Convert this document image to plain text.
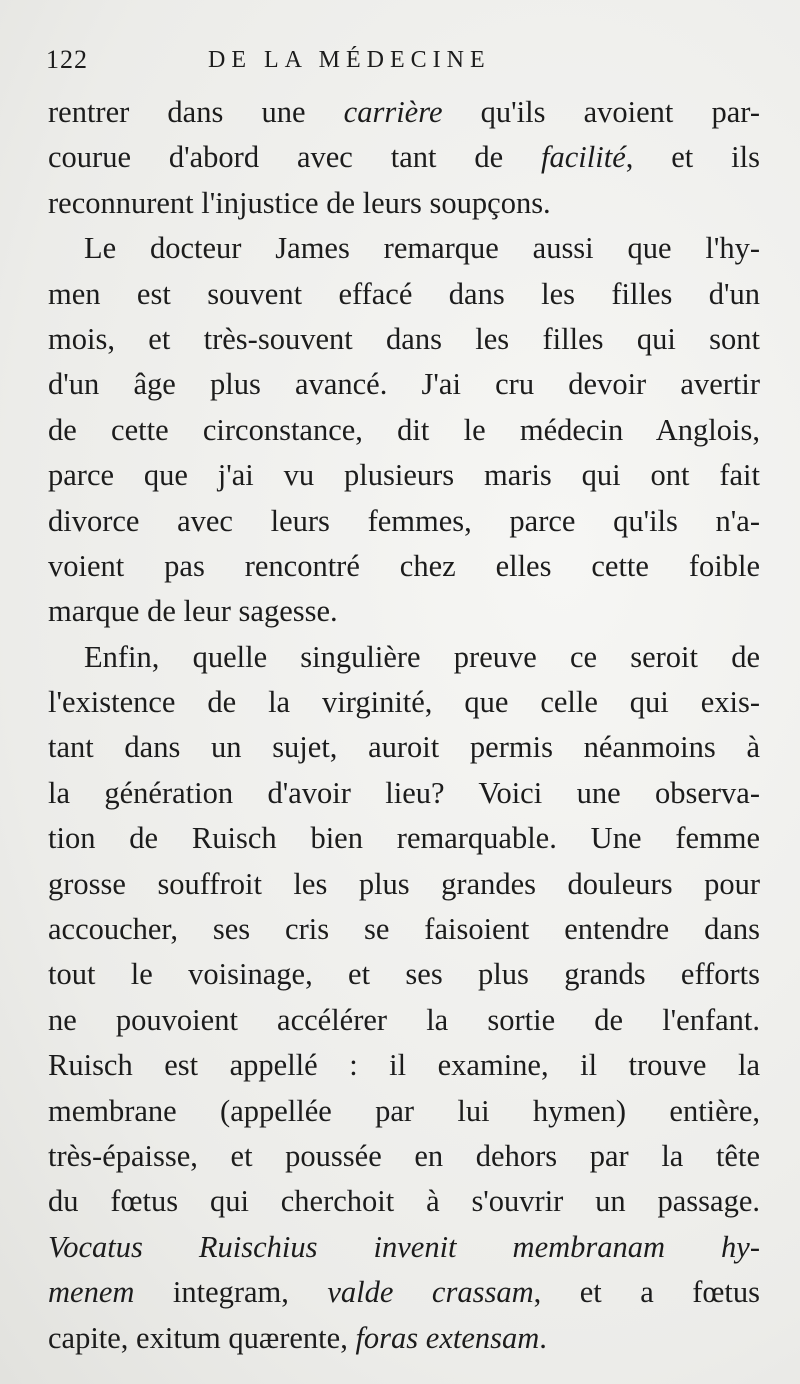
122	DE LA MÉDECINE
rentrer dans une carrière qu'ils avoient par-
courue d'abord avec tant de facilité, et ils
reconnurent l'injustice de leurs soupçons.
Le docteur James remarque aussi que l'hy-
men est souvent effacé dans les filles d'un
mois, et très-souvent dans les filles qui sont
d'un âge plus avancé. J'ai cru devoir avertir
de cette circonstance, dit le médecin Anglois,
parce que j'ai vu plusieurs maris qui ont fait
divorce avec leurs femmes, parce qu'ils n'a-
voient pas rencontré chez elles cette foible
marque de leur sagesse.
Enfin, quelle singulière preuve ce seroit de
l'existence de la virginité, que celle qui exis-
tant dans un sujet, auroit permis néanmoins à
la génération d'avoir lieu? Voici une observa-
tion de Ruisch bien remarquable. Une femme
grosse souffroit les plus grandes douleurs pour
accoucher, ses cris se faisoient entendre dans
tout le voisinage, et ses plus grands efforts
ne pouvoient accélérer la sortie de l'enfant.
Ruisch est appellé : il examine, il trouve la
membrane (appellée par lui hymen) entière,
très-épaisse, et poussée en dehors par la tête
du fœtus qui cherchoit à s'ouvrir un passage.
Vocatus Ruischius invenit membranam hy-
menem integram, valde crassam, et a fœtus
capite, exitum quærente, foras extensam.
